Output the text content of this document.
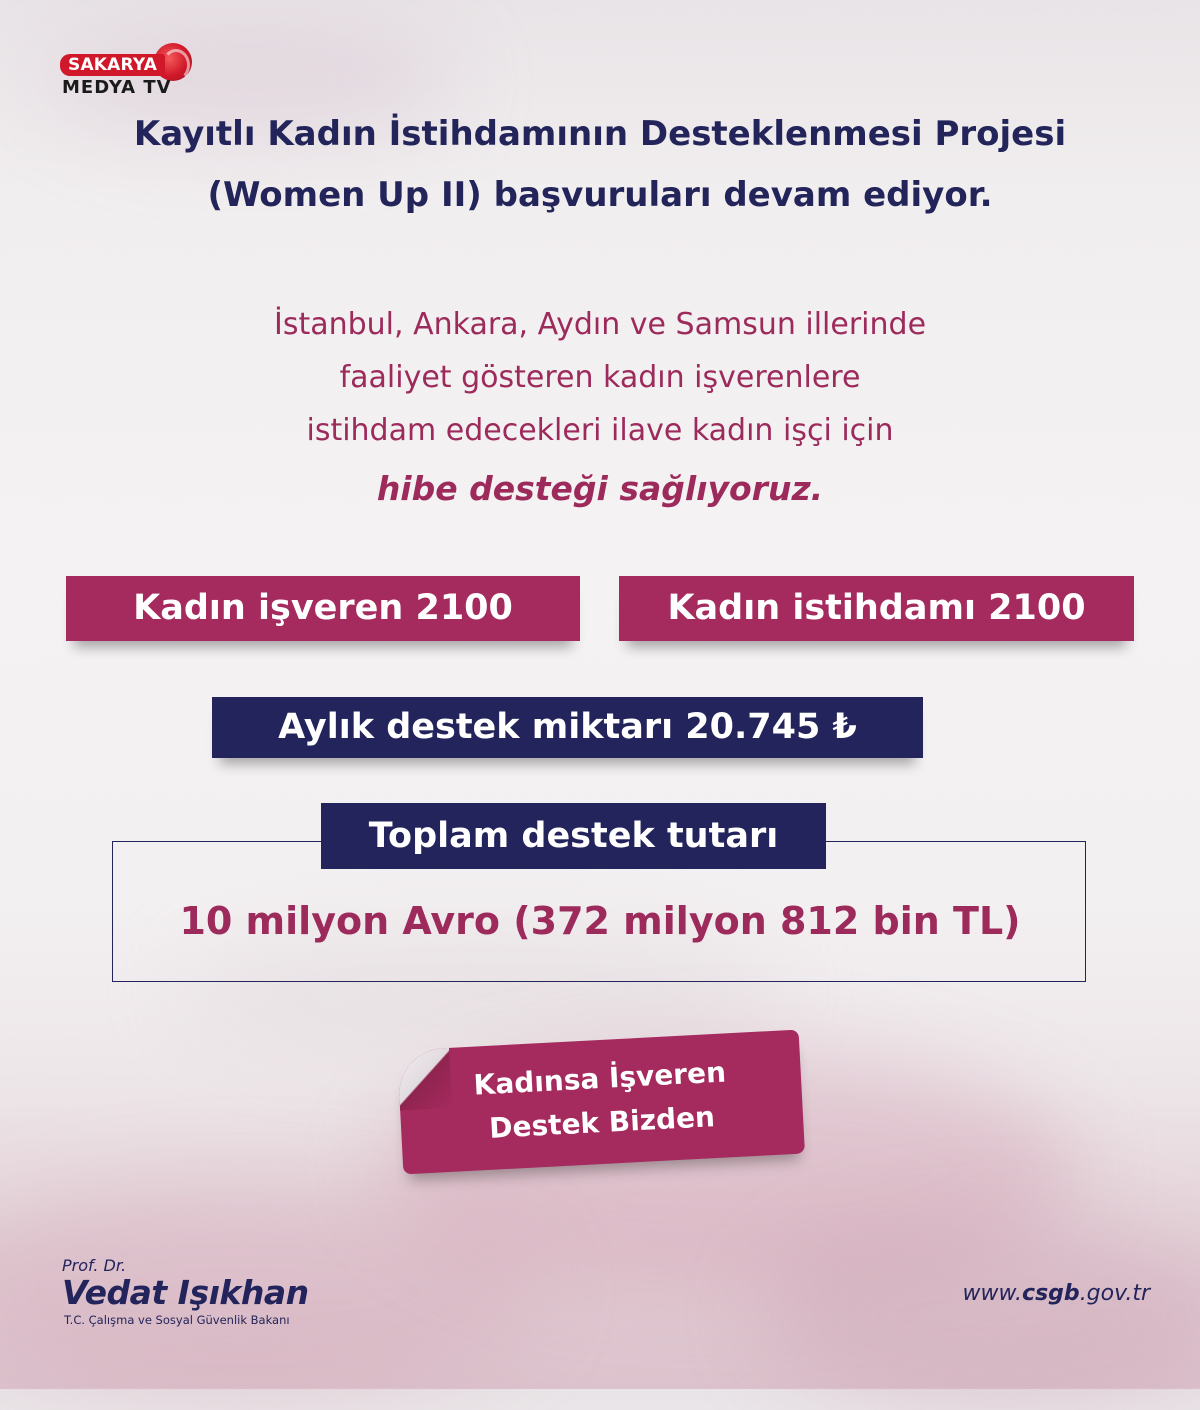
SAKARYA
MEDYA TV
Kayıtlı Kadın İstihdamının Desteklenmesi Projesi
(Women Up II) başvuruları devam ediyor.
İstanbul, Ankara, Aydın ve Samsun illerinde
faaliyet gösteren kadın işverenlere
istihdam edecekleri ilave kadın işçi için
hibe desteği sağlıyoruz.
Kadın işveren 2100	Kadın istihdamı 2100
Aylık destek miktarı 20.745 ₺
Toplam destek tutarı
10 milyon Avro (372 milyon 812 bin TL)
Kadınsa İşveren
Destek Bizden
Prof. Dr.
Vedat Işıkhan
T.C. Çalışma ve Sosyal Güvenlik Bakanı
www.csgb.gov.tr
